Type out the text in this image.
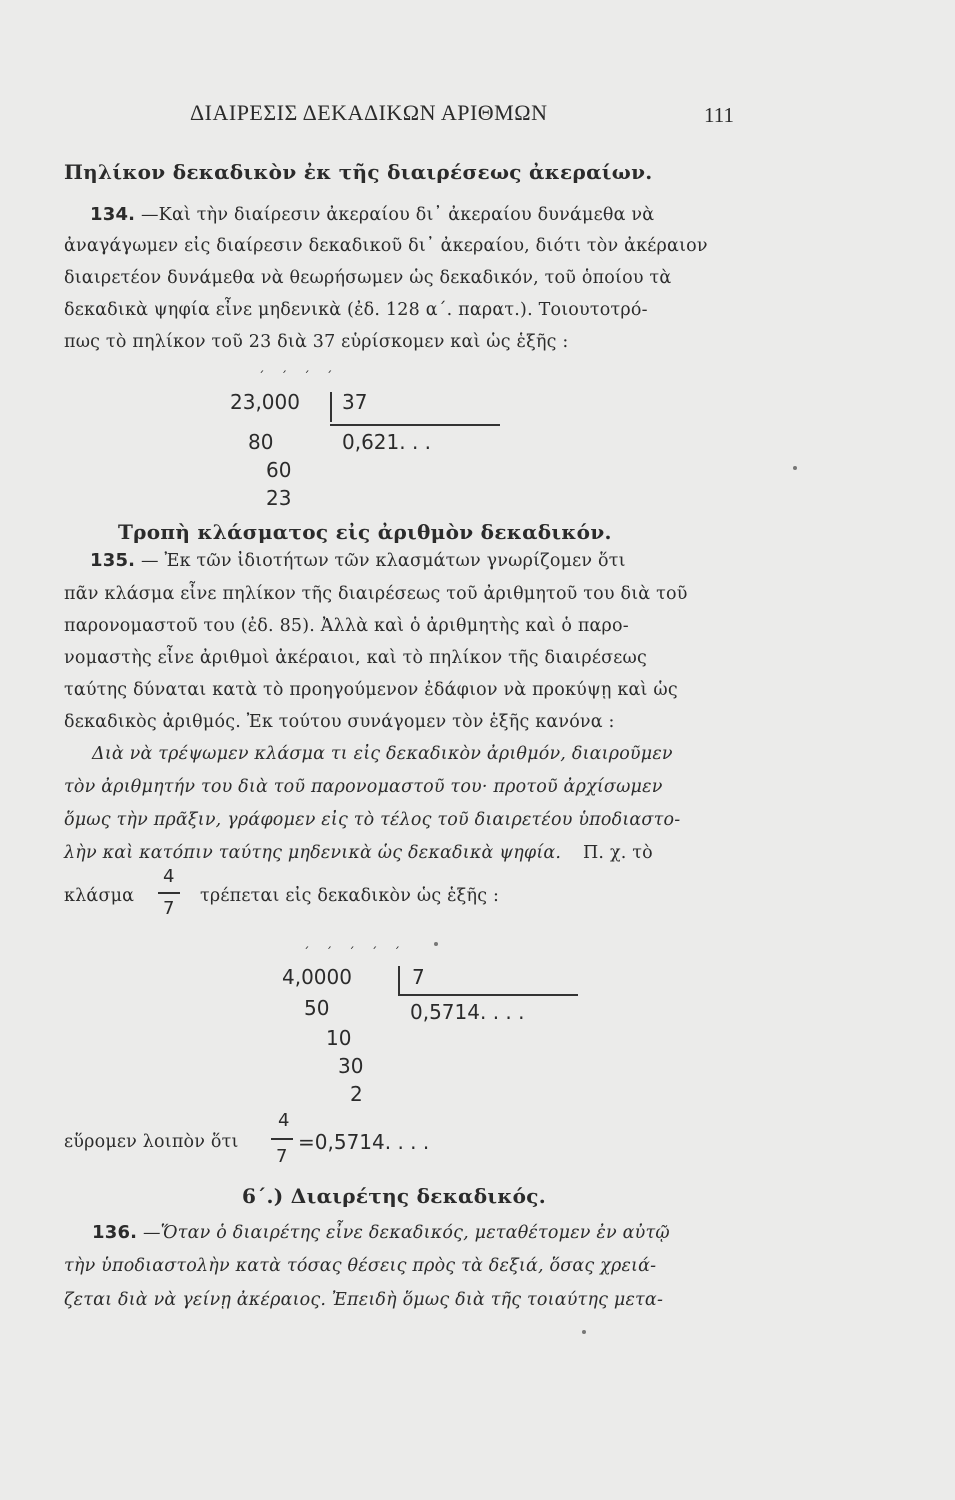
ΔΙΑΙΡΕΣΙΣ ΔΕΚΑΔΙΚΩΝ ΑΡΙΘΜΩΝ	111
Πηλίκον δεκαδικὸν ἐκ τῆς διαιρέσεως ἀκεραίων.
134. —Καὶ τὴν διαίρεσιν ἀκεραίου δι᾿ ἀκεραίου δυνάμεθα νὰ
ἀναγάγωμεν εἰς διαίρεσιν δεκαδικοῦ δι᾿ ἀκεραίου, διότι τὸν ἀκέραιον
διαιρετέον δυνάμεθα νὰ θεωρήσωμεν ὡς δεκαδικόν, τοῦ ὁποίου τὰ
δεκαδικὰ ψηφία εἶνε μηδενικὰ (ἐδ. 128 α΄. παρατ.). Τοιουτοτρό-
πως τὸ πηλίκον τοῦ 23 διὰ 37 εὑρίσκομεν καὶ ὡς ἑξῆς :
ˊ ˊ ˊ ˊ
23,000 37
80	0,621. . .
60
23
Τροπὴ κλάσματος εἰς ἀριθμὸν δεκαδικόν.
135. — Ἐκ τῶν ἰδιοτήτων τῶν κλασμάτων γνωρίζομεν ὅτι
πᾶν κλάσμα εἶνε πηλίκον τῆς διαιρέσεως τοῦ ἀριθμητοῦ του διὰ τοῦ
παρονομαστοῦ του (ἐδ. 85). Ἀλλὰ καὶ ὁ ἀριθμητὴς καὶ ὁ παρο-
νομαστὴς εἶνε ἀριθμοὶ ἀκέραιοι, καὶ τὸ πηλίκον τῆς διαιρέσεως
ταύτης δύναται κατὰ τὸ προηγούμενον ἐδάφιον νὰ προκύψῃ καὶ ὡς
δεκαδικὸς ἀριθμός. Ἐκ τούτου συνάγομεν τὸν ἑξῆς κανόνα :
Διὰ νὰ τρέψωμεν κλάσμα τι εἰς δεκαδικὸν ἀριθμόν, διαιροῦμεν
τὸν ἀριθμητήν του διὰ τοῦ παρονομαστοῦ του· προτοῦ ἀρχίσωμεν
ὅμως τὴν πρᾶξιν, γράφομεν εἰς τὸ τέλος τοῦ διαιρετέου ὑποδιαστο-
λὴν καὶ κατόπιν ταύτης μηδενικὰ ὡς δεκαδικὰ ψηφία. Π. χ. τὸ
κλάσμα
4
7
τρέπεται εἰς δεκαδικὸν ὡς ἑξῆς :
ˊ ˊ ˊ ˊ ˊ
4,0000	7
50	0,5714. . . .
10
30
2
εὕρομεν λοιπὸν ὅτι
4
7
=0,5714. . . .
6΄.) Διαιρέτης δεκαδικός.
136. —Ὅταν ὁ διαιρέτης εἶνε δεκαδικός, μεταθέτομεν ἐν αὐτῷ
τὴν ὑποδιαστολὴν κατὰ τόσας θέσεις πρὸς τὰ δεξιά, ὅσας χρειά-
ζεται διὰ νὰ γείνῃ ἀκέραιος. Ἐπειδὴ ὅμως διὰ τῆς τοιαύτης μετα-
